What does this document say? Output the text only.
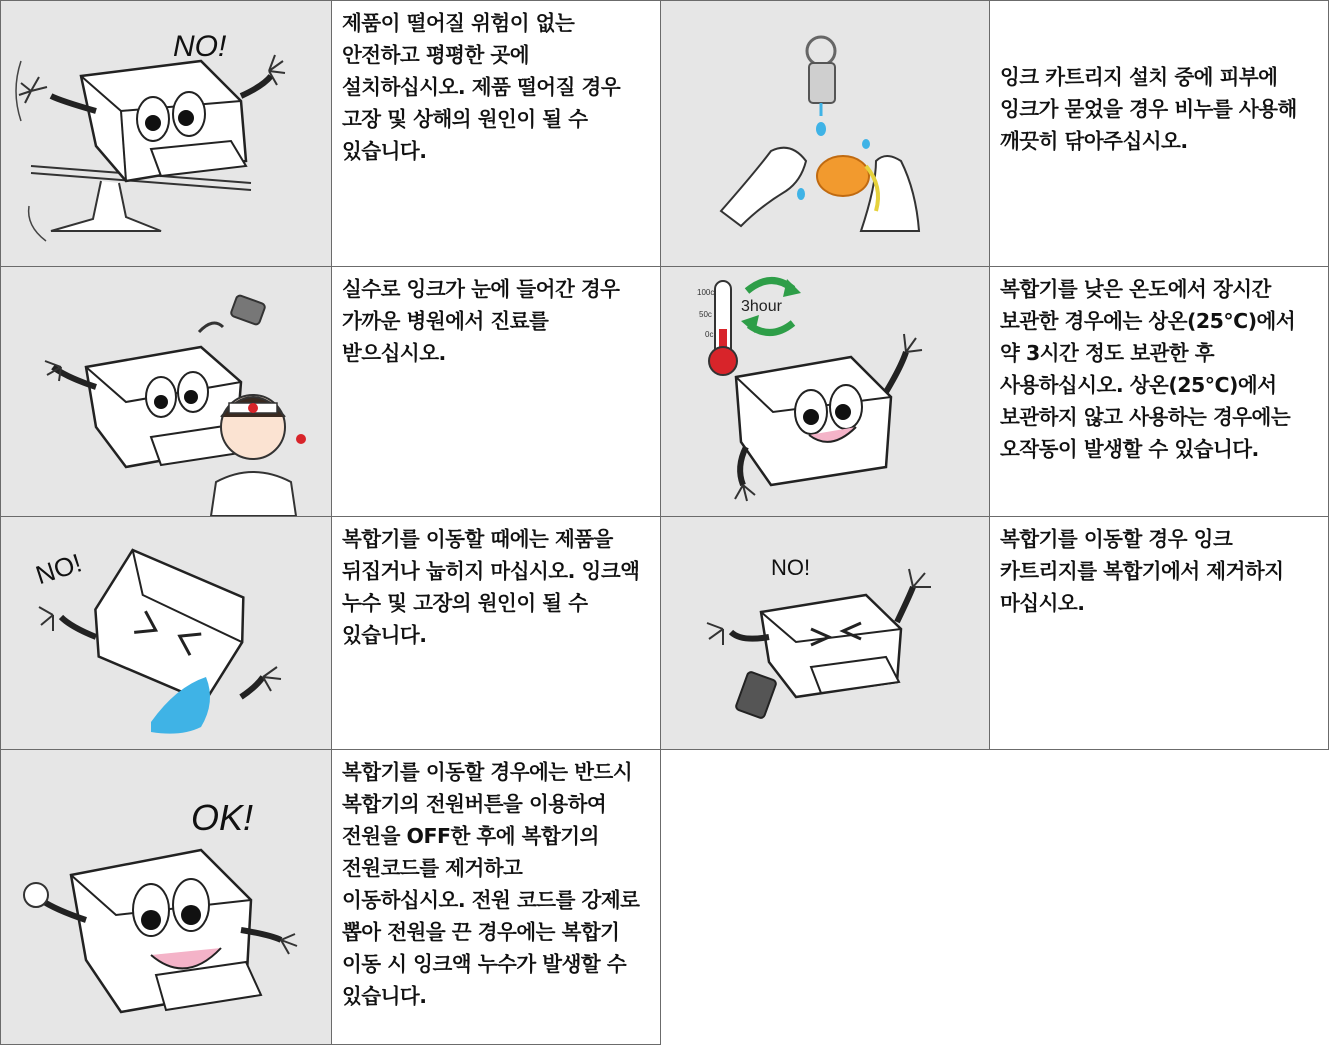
NO!

제품이 떨어질 위험이 없는 안전하고 평평한 곳에 설치하십시오. 제품 떨어질 경우 고장 및 상해의 원인이 될 수 있습니다.

잉크 카트리지 설치 중에 피부에 잉크가 묻었을 경우 비누를 사용해 깨끗히 닦아주십시오.

실수로 잉크가 눈에 들어간 경우 가까운 병원에서 진료를 받으십시오.

100c
50c
0c
3hour

복합기를 낮은 온도에서 장시간 보관한 경우에는 상온(25°C)에서 약 3시간 정도 보관한 후 사용하십시오. 상온(25°C)에서 보관하지 않고 사용하는 경우에는 오작동이 발생할 수 있습니다.

NO!

복합기를 이동할 때에는 제품을 뒤집거나 눕히지 마십시오. 잉크액 누수 및 고장의 원인이 될 수 있습니다.

NO!

복합기를 이동할 경우 잉크 카트리지를 복합기에서 제거하지 마십시오.

OK!

복합기를 이동할 경우에는 반드시 복합기의 전원버튼을 이용하여 전원을 OFF한 후에 복합기의 전원코드를 제거하고 이동하십시오. 전원 코드를 강제로 뽑아 전원을 끈 경우에는 복합기 이동 시 잉크액 누수가 발생할 수 있습니다.
